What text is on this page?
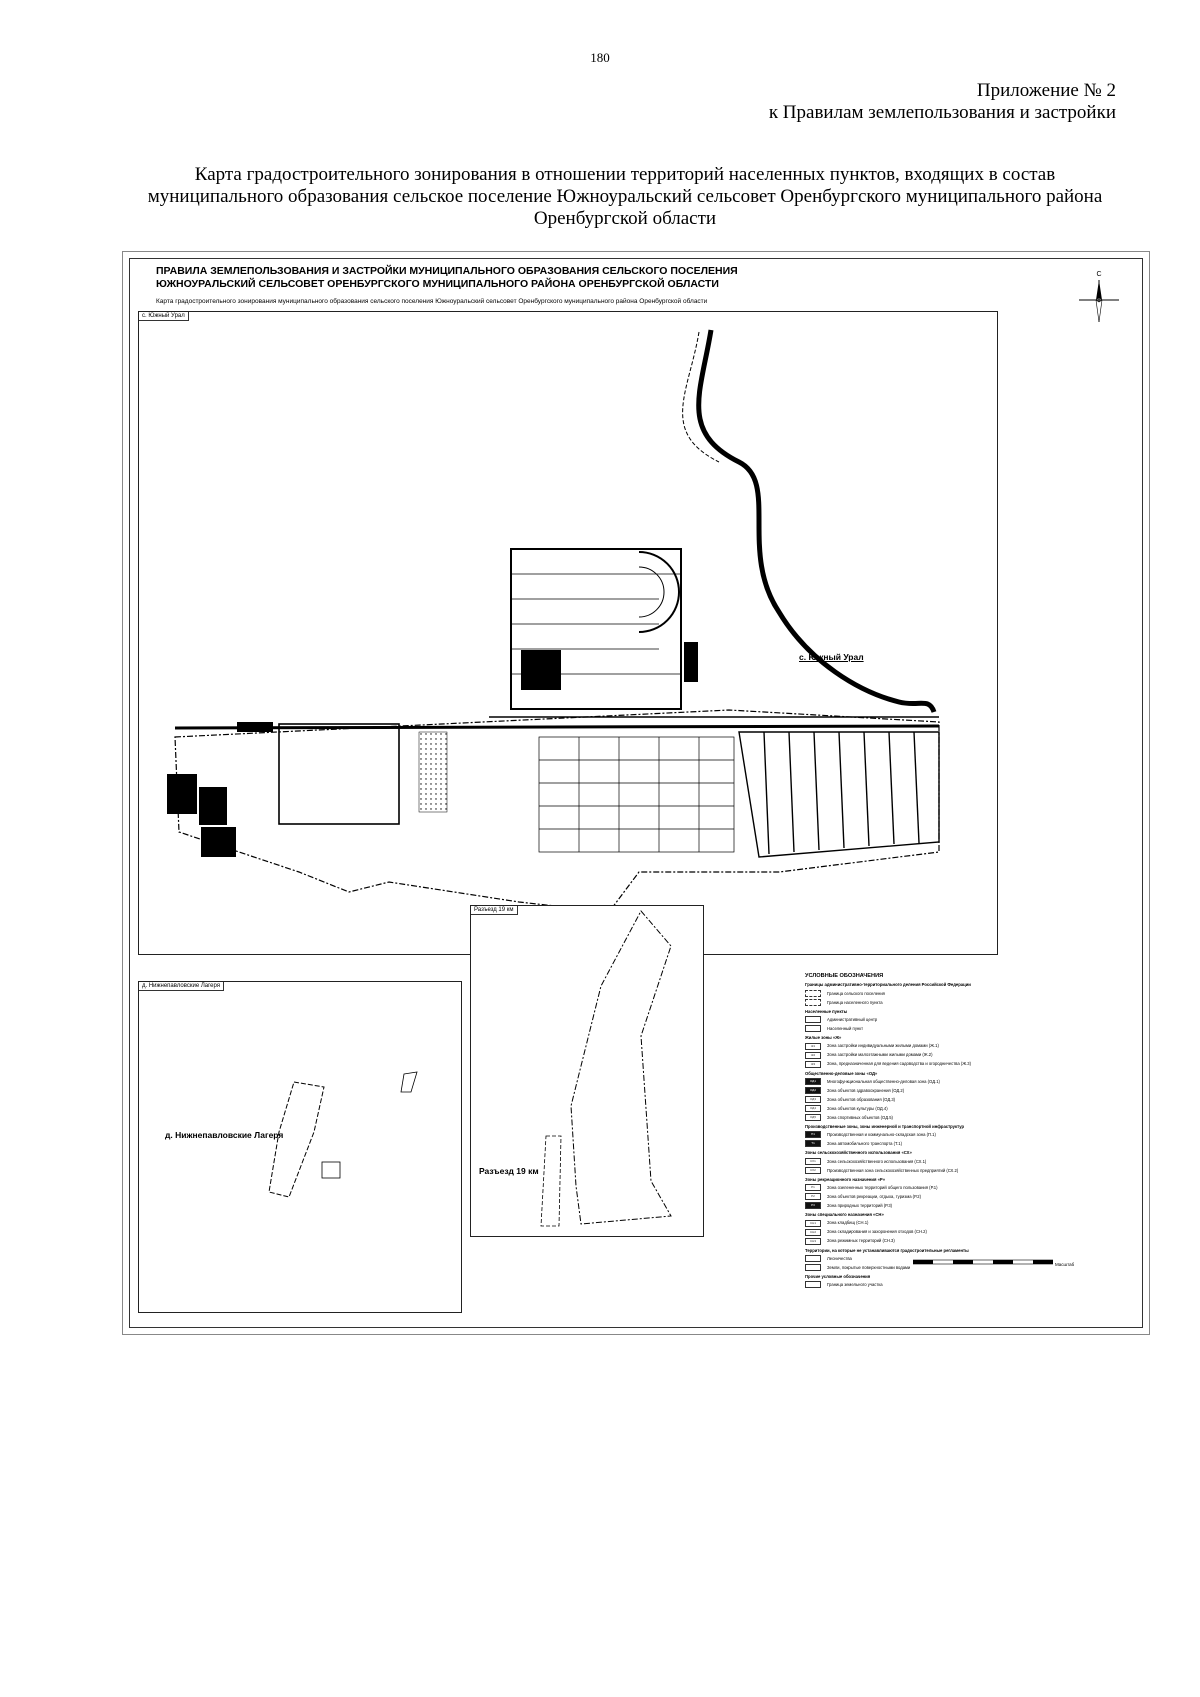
180
Приложение № 2
к Правилам землепользования и застройки
Карта градостроительного зонирования в отношении территорий населенных пунктов, входящих в состав
муниципального образования сельское поселение Южноуральский сельсовет Оренбургского муниципального района
Оренбургской области
ПРАВИЛА ЗЕМЛЕПОЛЬЗОВАНИЯ И ЗАСТРОЙКИ МУНИЦИПАЛЬНОГО ОБРАЗОВАНИЯ СЕЛЬСКОГО ПОСЕЛЕНИЯ
ЮЖНОУРАЛЬСКИЙ СЕЛЬСОВЕТ ОРЕНБУРГСКОГО МУНИЦИПАЛЬНОГО РАЙОНА ОРЕНБУРГСКОЙ ОБЛАСТИ
Карта градостроительного зонирования муниципального образования сельского поселения Южноуральский сельсовет Оренбургского муниципального района Оренбургской области
С
с. Южный Урал
с. Южный Урал
д. Нижнепавловские Лагеря
д. Нижнепавловские Лагеря
Разъезд 19 км
Разъезд 19 км
УСЛОВНЫЕ ОБОЗНАЧЕНИЯ
Границы административно-территориального деления Российской Федерации
Граница сельского поселения
Граница населенного пункта
Населенные пункты
Административный центр
Населенный пункт
Жилые зоны «Ж»
Ж1	Зона застройки индивидуальными жилыми домами (Ж.1)
Ж2	Зона застройки малоэтажными жилыми домами (Ж.2)
Ж3	Зона, предназначенная для ведения садоводства и огородничества (Ж.3)
Общественно-деловые зоны «ОД»
ОД1	Многофункциональная общественно-деловая зона (ОД.1)
ОД2	Зона объектов здравоохранения (ОД.2)
ОД3	Зона объектов образования (ОД.3)
ОД4	Зона объектов культуры (ОД.4)
ОД5	Зона спортивных объектов (ОД.5)
Производственные зоны, зоны инженерной и транспортной инфраструктур
П1	Производственная и коммунально-складская зона (П.1)
Т1	Зона автомобильного транспорта (Т.1)
Зоны сельскохозяйственного использования «СХ»
СХ1	Зона сельскохозяйственного использования (СХ.1)
СХ2	Производственная зона сельскохозяйственных предприятий (СХ.2)
Зоны рекреационного назначения «Р»
Р1	Зона озелененных территорий общего пользования (Р.1)
Р2	Зона объектов рекреации, отдыха, туризма (Р.2)
Р3	Зона природных территорий (Р.3)
Зоны специального назначения «СН»
СН1	Зона кладбищ (СН.1)
СН2	Зона складирования и захоронения отходов (СН.2)
СН3	Зона режимных территорий (СН.3)
Территории, на которые не устанавливаются градостроительные регламенты
Лесничества
Земли, покрытые поверхностными водами
Прочие условные обозначения
Граница земельного участка
Масштаб
